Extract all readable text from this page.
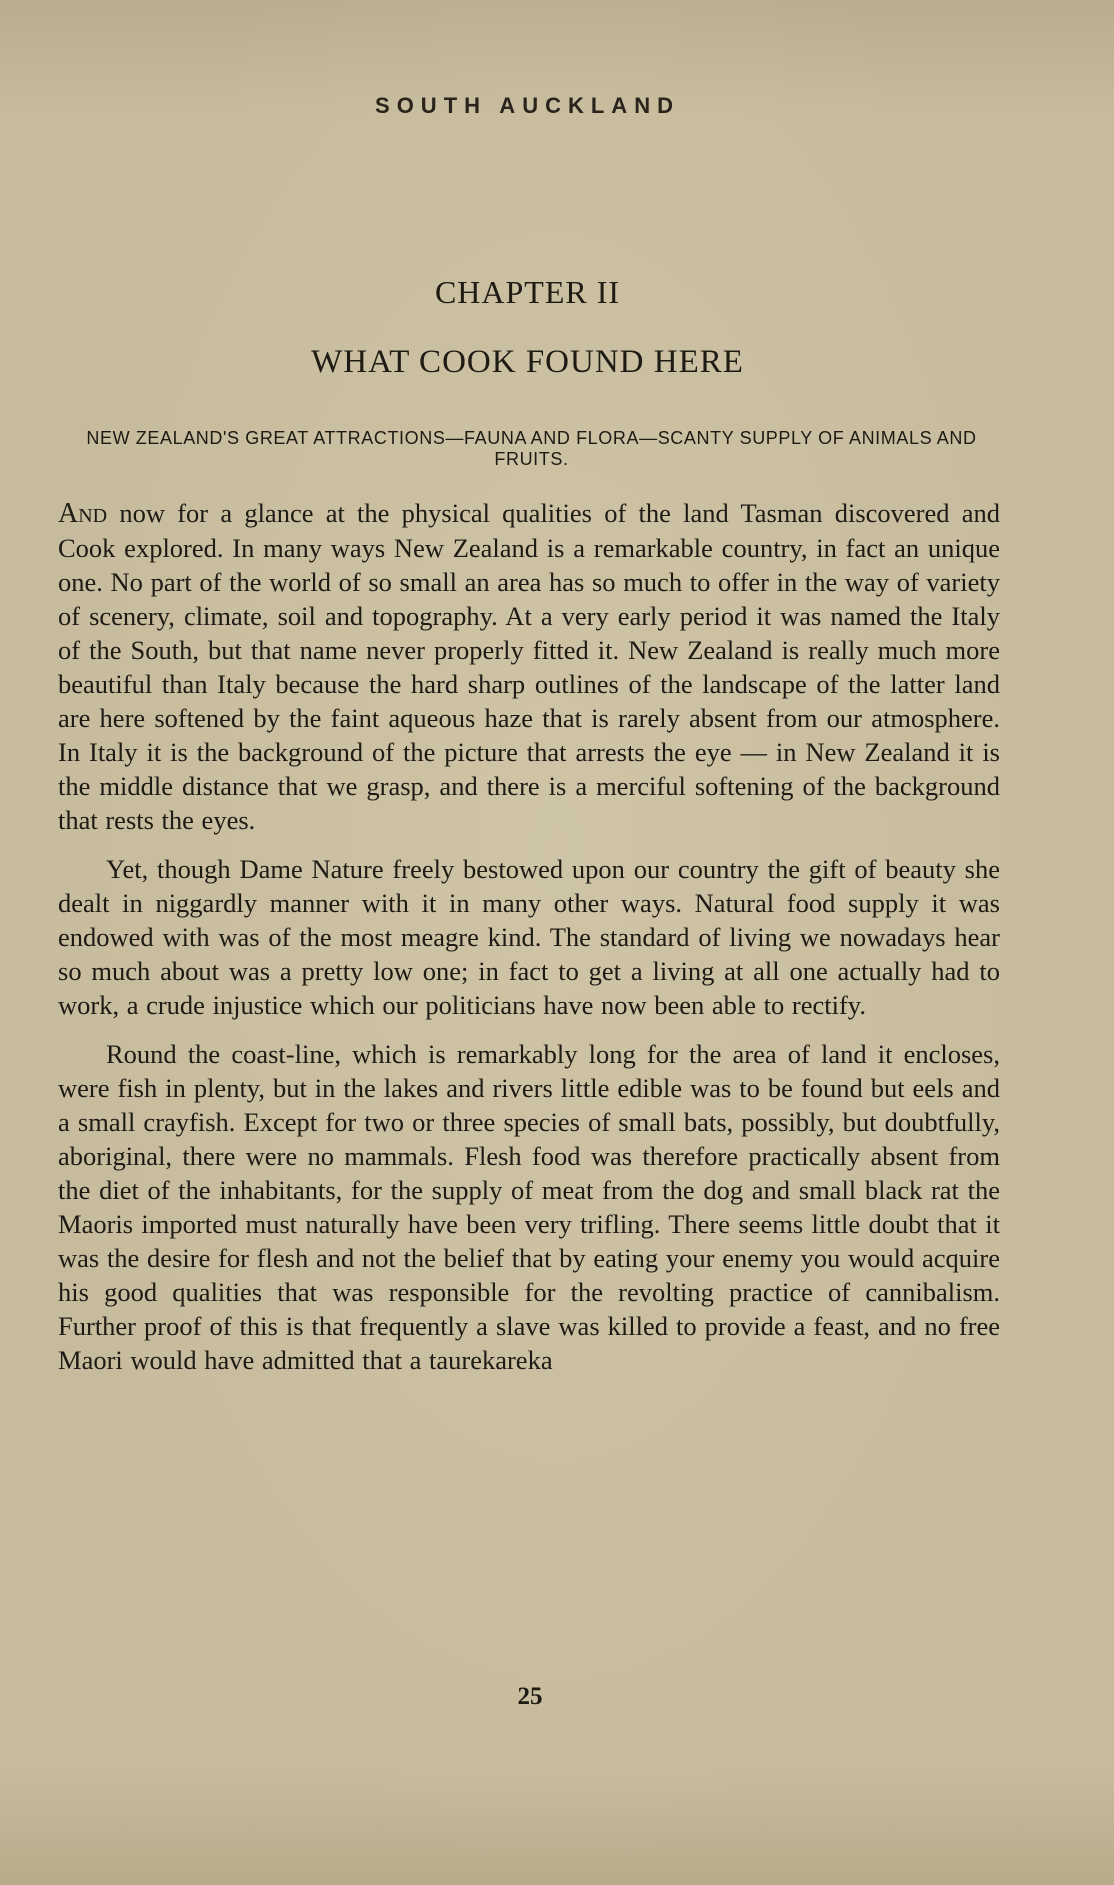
SOUTH AUCKLAND
CHAPTER II
WHAT COOK FOUND HERE
NEW ZEALAND'S GREAT ATTRACTIONS—FAUNA AND FLORA—SCANTY SUPPLY OF ANIMALS AND FRUITS.

And now for a glance at the physical qualities of the land Tasman discovered and Cook explored. In many ways New Zealand is a remarkable country, in fact an unique one. No part of the world of so small an area has so much to offer in the way of variety of scenery, climate, soil and topography. At a very early period it was named the Italy of the South, but that name never properly fitted it. New Zealand is really much more beautiful than Italy because the hard sharp outlines of the landscape of the latter land are here softened by the faint aqueous haze that is rarely absent from our atmosphere. In Italy it is the background of the picture that arrests the eye — in New Zealand it is the middle distance that we grasp, and there is a merciful softening of the background that rests the eyes.

Yet, though Dame Nature freely bestowed upon our country the gift of beauty she dealt in niggardly manner with it in many other ways. Natural food supply it was endowed with was of the most meagre kind. The standard of living we nowadays hear so much about was a pretty low one; in fact to get a living at all one actually had to work, a crude injustice which our politicians have now been able to rectify.

Round the coast-line, which is remarkably long for the area of land it encloses, were fish in plenty, but in the lakes and rivers little edible was to be found but eels and a small crayfish. Except for two or three species of small bats, possibly, but doubtfully, aboriginal, there were no mammals. Flesh food was therefore practically absent from the diet of the inhabitants, for the supply of meat from the dog and small black rat the Maoris imported must naturally have been very trifling. There seems little doubt that it was the desire for flesh and not the belief that by eating your enemy you would acquire his good qualities that was responsible for the revolting practice of cannibalism. Further proof of this is that frequently a slave was killed to provide a feast, and no free Maori would have admitted that a taurekareka

25
